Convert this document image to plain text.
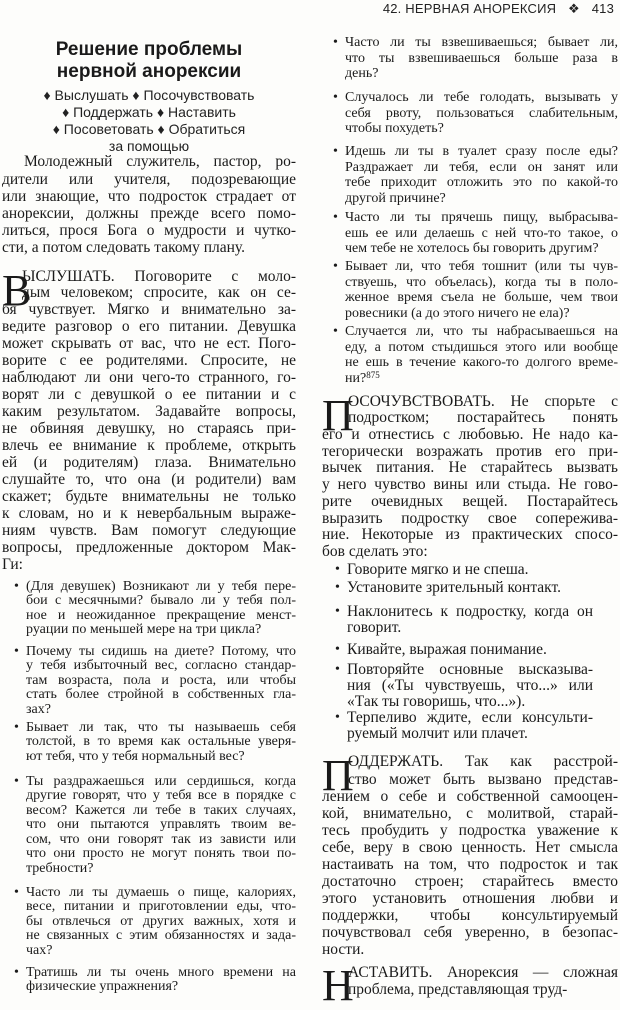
42. НЕРВНАЯ АНОРЕКСИЯ ❖ 413
Решение проблемы
нервной анорексии
♦ Выслушать ♦ Посочувствовать
♦ Поддержать ♦ Наставить
♦ Посоветовать ♦ Обратиться
за помощью
Молодежный служитель, пастор, ро-
дители или учителя, подозревающие
или знающие, что подросток страдает от
анорексии, должны прежде всего помо-
литься, прося Бога о мудрости и чутко-
сти, а потом следовать такому плану.
ЫСЛУШАТЬ. Поговорите с моло-
дым человеком; спросите, как он се-
бя чувствует. Мягко и внимательно за-
ведите разговор о его питании. Девушка
может скрывать от вас, что не ест. Пого-
ворите с ее родителями. Спросите, не
наблюдают ли они чего-то странного, го-
ворят ли с девушкой о ее питании и с
каким результатом. Задавайте вопросы,
не обвиняя девушку, но стараясь при-
влечь ее внимание к проблеме, открыть
ей (и родителям) глаза. Внимательно
слушайте то, что она (и родители) вам
скажет; будьте внимательны не только
к словам, но и к невербальным выраже-
ниям чувств. Вам помогут следующие
вопросы, предложенные доктором Мак-
Ги:
В
(Для девушек) Возникают ли у тебя пере-
бои с месячными? бывало ли у тебя пол-
ное и неожиданное прекращение менст-
руации по меньшей мере на три цикла?
•
Почему ты сидишь на диете? Потому, что
у тебя избыточный вес, согласно стандар-
там возраста, пола и роста, или чтобы
стать более стройной в собственных гла-
зах?
•
Бывает ли так, что ты называешь себя
толстой, в то время как остальные уверя-
ют тебя, что у тебя нормальный вес?
•
Ты раздражаешься или сердишься, когда
другие говорят, что у тебя все в порядке с
весом? Кажется ли тебе в таких случаях,
что они пытаются управлять твоим ве-
сом, что они говорят так из зависти или
что они просто не могут понять твои по-
требности?
•
Часто ли ты думаешь о пище, калориях,
весе, питании и приготовлении еды, что-
бы отвлечься от других важных, хотя и
не связанных с этим обязанностях и зада-
чах?
•
Тратишь ли ты очень много времени на
физические упражнения?
•
Часто ли ты взвешиваешься; бывает ли,
что ты взвешиваешься больше раза в
день?
•
Случалось ли тебе голодать, вызывать у
себя рвоту, пользоваться слабительным,
чтобы похудеть?
•
Идешь ли ты в туалет сразу после еды?
Раздражает ли тебя, если он занят или
тебе приходит отложить это по какой-то
другой причине?
•
Часто ли ты прячешь пищу, выбрасыва-
ешь ее или делаешь с ней что-то такое, о
чем тебе не хотелось бы говорить другим?
•
Бывает ли, что тебя тошнит (или ты чув-
ствуешь, что объелась), когда ты в поло-
женное время съела не больше, чем твои
ровесники (а до этого ничего не ела)?
•
Случается ли, что ты набрасываешься на
еду, а потом стыдишься этого или вообще
не ешь в течение какого-то долгого време-
ни?$^{875}$
•
ОСОЧУВСТВОВАТЬ. Не спорьте с
подростком; постарайтесь понять
его и отнестись с любовью. Не надо ка-
тегорически возражать против его при-
вычек питания. Не старайтесь вызвать
у него чувство вины или стыда. Не гово-
рите очевидных вещей. Постарайтесь
выразить подростку свое сопережива-
ние. Некоторые из практических спосо-
бов сделать это:
П
Говорите мягко и не спеша.
•
Установите зрительный контакт.
•
Наклонитесь к подростку, когда он
говорит.
•
Кивайте, выражая понимание.
•
Повторяйте основные высказыва-
ния («Ты чувствуешь, что...» или
«Так ты говоришь, что...»).
•
Терпеливо ждите, если консульти-
руемый молчит или плачет.
•
ОДДЕРЖАТЬ. Так как расстрой-
ство может быть вызвано представ-
лением о себе и собственной самооцен-
кой, внимательно, с молитвой, старай-
тесь пробудить у подростка уважение к
себе, веру в свою ценность. Нет смысла
настаивать на том, что подросток и так
достаточно строен; старайтесь вместо
этого установить отношения любви и
поддержки, чтобы консультируемый
почувствовал себя уверенно, в безопас-
ности.
П
АСТАВИТЬ. Анорексия — сложная
проблема, представляющая труд-
Н
